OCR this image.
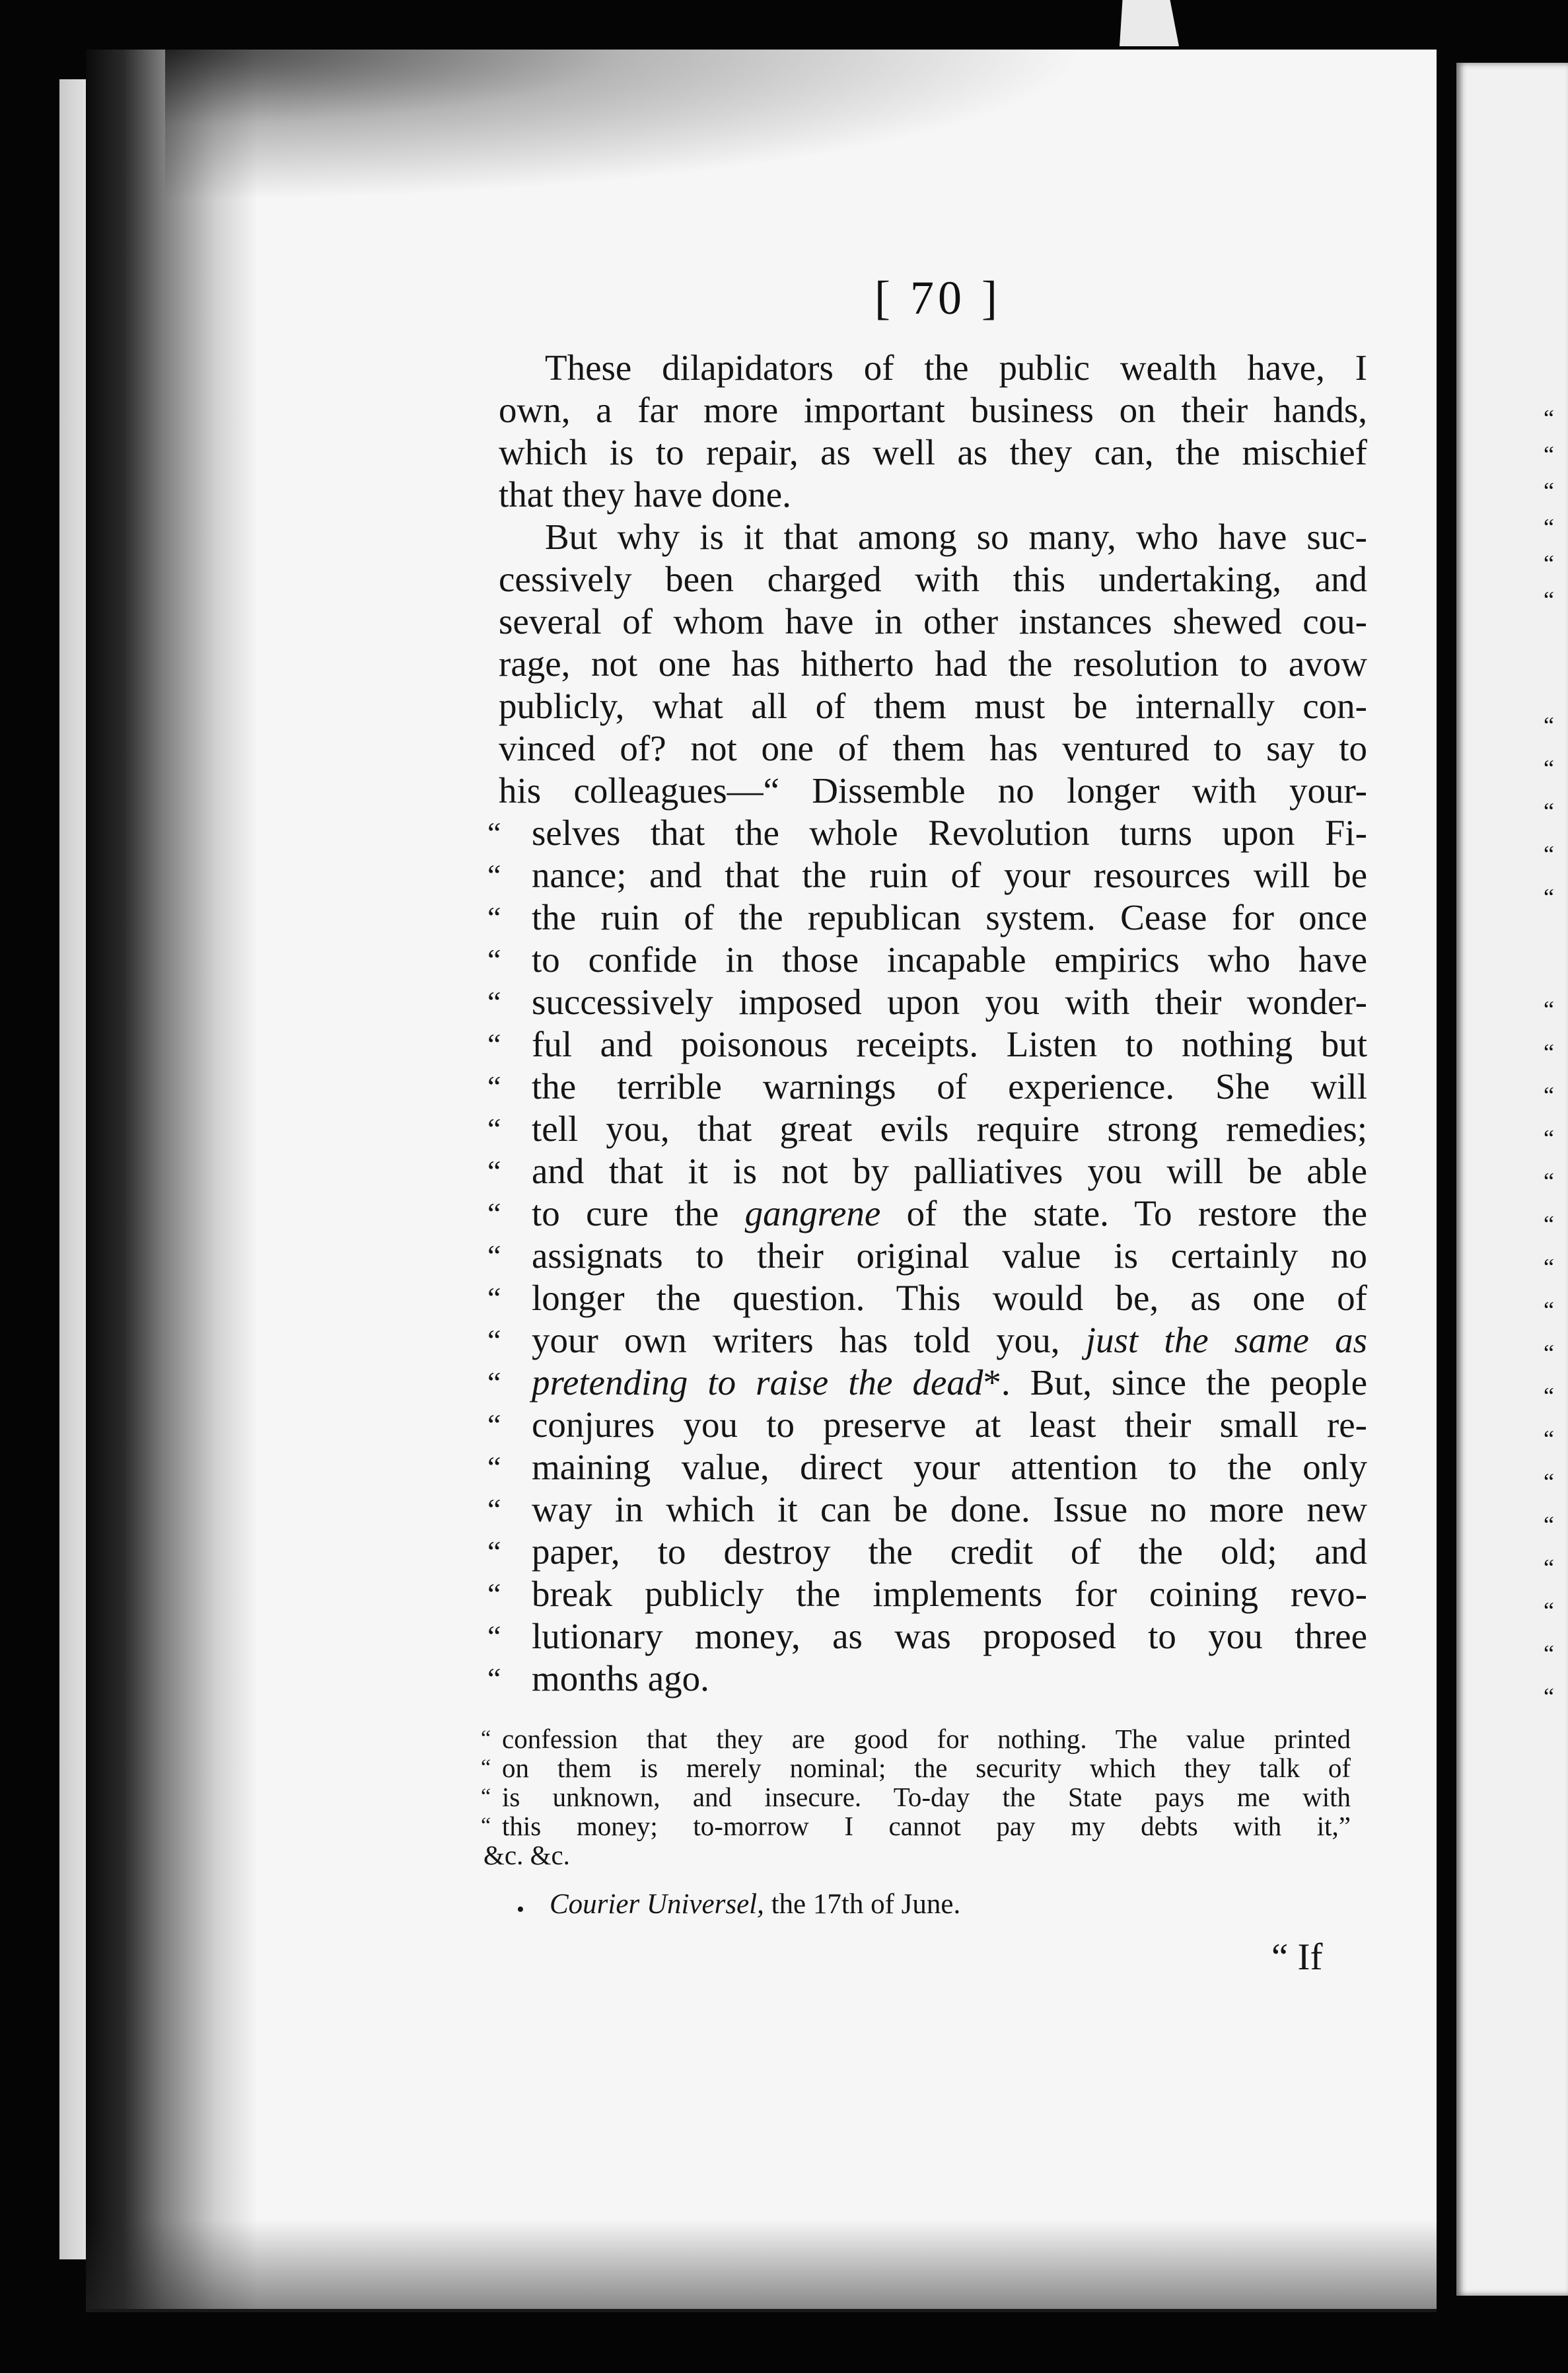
[ 70 ]
These dilapidators of the public wealth have, I
own, a far more important business on their hands,
which is to repair, as well as they can, the mischief
that they have done.
But why is it that among so many, who have suc-
cessively been charged with this undertaking, and
several of whom have in other instances shewed cou-
rage, not one has hitherto had the resolution to avow
publicly, what all of them must be internally con-
vinced of? not one of them has ventured to say to
his colleagues—“ Dissemble no longer with your-
“ selves that the whole Revolution turns upon Fi-
“ nance; and that the ruin of your resources will be
“ the ruin of the republican system. Cease for once
“ to confide in those incapable empirics who have
“ successively imposed upon you with their wonder-
“ ful and poisonous receipts. Listen to nothing but
“ the terrible warnings of experience. She will
“ tell you, that great evils require strong remedies;
“ and that it is not by palliatives you will be able
“ to cure the gangrene of the state. To restore the
“ assignats to their original value is certainly no
“ longer the question. This would be, as one of
“ your own writers has told you, just the same as
“ pretending to raise the dead*. But, since the people
“ conjures you to preserve at least their small re-
“ maining value, direct your attention to the only
“ way in which it can be done. Issue no more new
“ paper, to destroy the credit of the old; and
“ break publicly the implements for coining revo-
“ lutionary money, as was proposed to you three
“ months ago.
“ confession that they are good for nothing. The value printed
“ on them is merely nominal; the security which they talk of
“ is unknown, and insecure. To-day the State pays me with
“ this money; to-morrow I cannot pay my debts with it,”
&c. &c.
• Courier Universel, the 17th of June.
“ If
“
“
“
“
“
“
“
“
“
“
“
“
“
“
“
“
“
“
“
“
“
“
“
“
“
“
“
“
